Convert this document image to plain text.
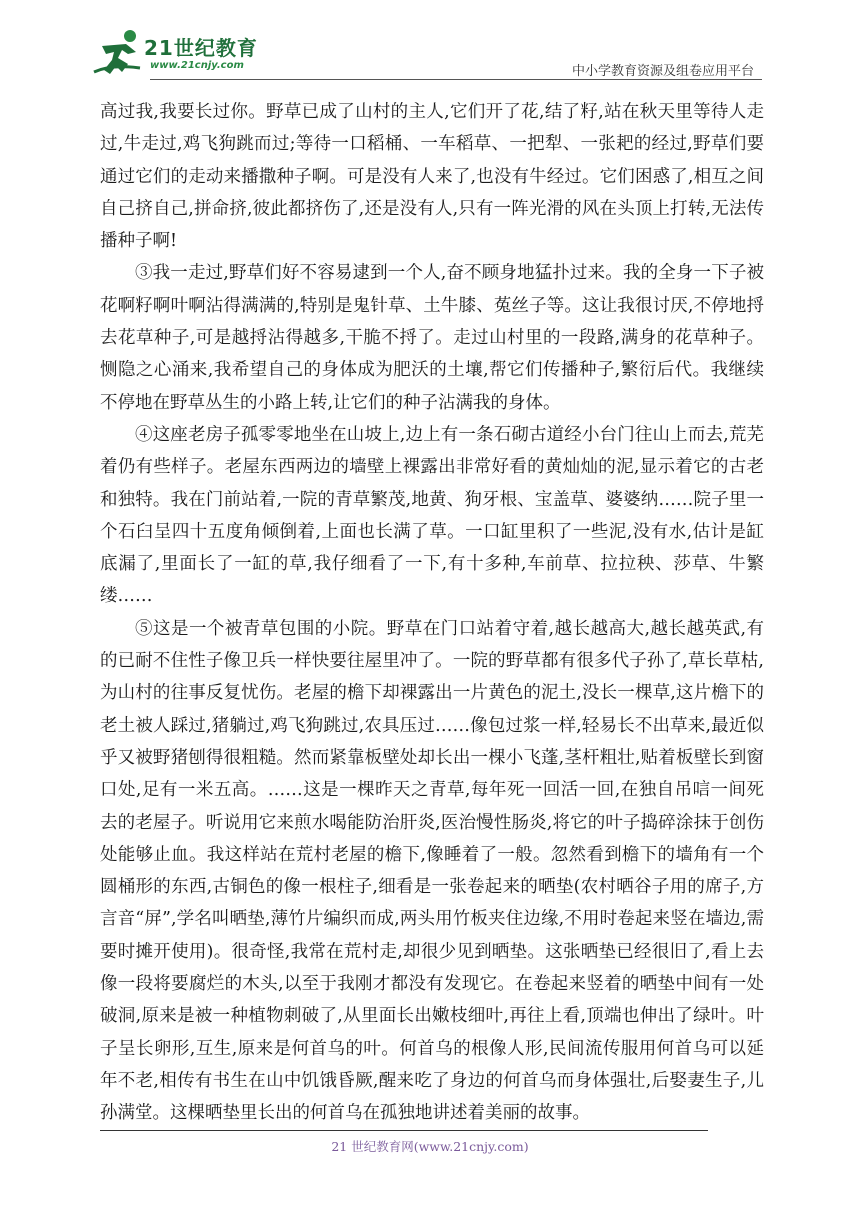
21世纪教育
www.21cnjy.com	中小学教育资源及组卷应用平台

高过我,我要长过你。野草已成了山村的主人,它们开了花,结了籽,站在秋天里等待人走过,牛走过,鸡飞狗跳而过;等待一口稻桶、一车稻草、一把犁、一张耙的经过,野草们要通过它们的走动来播撒种子啊。可是没有人来了,也没有牛经过。它们困惑了,相互之间自己挤自己,拼命挤,彼此都挤伤了,还是没有人,只有一阵光滑的风在头顶上打转,无法传播种子啊!

③我一走过,野草们好不容易逮到一个人,奋不顾身地猛扑过来。我的全身一下子被花啊籽啊叶啊沾得满满的,特别是鬼针草、土牛膝、菟丝子等。这让我很讨厌,不停地捋去花草种子,可是越捋沾得越多,干脆不捋了。走过山村里的一段路,满身的花草种子。恻隐之心涌来,我希望自己的身体成为肥沃的土壤,帮它们传播种子,繁衍后代。我继续不停地在野草丛生的小路上转,让它们的种子沾满我的身体。

④这座老房子孤零零地坐在山坡上,边上有一条石砌古道经小台门往山上而去,荒芜着仍有些样子。老屋东西两边的墙壁上裸露出非常好看的黄灿灿的泥,显示着它的古老和独特。我在门前站着,一院的青草繁茂,地黄、狗牙根、宝盖草、婆婆纳……院子里一个石臼呈四十五度角倾倒着,上面也长满了草。一口缸里积了一些泥,没有水,估计是缸底漏了,里面长了一缸的草,我仔细看了一下,有十多种,车前草、拉拉秧、莎草、牛繁缕……

⑤这是一个被青草包围的小院。野草在门口站着守着,越长越高大,越长越英武,有的已耐不住性子像卫兵一样快要往屋里冲了。一院的野草都有很多代子孙了,草长草枯,为山村的往事反复忧伤。老屋的檐下却裸露出一片黄色的泥土,没长一棵草,这片檐下的老土被人踩过,猪躺过,鸡飞狗跳过,农具压过……像包过浆一样,轻易长不出草来,最近似乎又被野猪刨得很粗糙。然而紧靠板壁处却长出一棵小飞蓬,茎杆粗壮,贴着板壁长到窗口处,足有一米五高。……这是一棵昨天之青草,每年死一回活一回,在独自吊唁一间死去的老屋子。听说用它来煎水喝能防治肝炎,医治慢性肠炎,将它的叶子捣碎涂抹于创伤处能够止血。我这样站在荒村老屋的檐下,像睡着了一般。忽然看到檐下的墙角有一个圆桶形的东西,古铜色的像一根柱子,细看是一张卷起来的晒垫(农村晒谷子用的席子,方言音“屏”,学名叫晒垫,薄竹片编织而成,两头用竹板夹住边缘,不用时卷起来竖在墙边,需要时摊开使用)。很奇怪,我常在荒村走,却很少见到晒垫。这张晒垫已经很旧了,看上去像一段将要腐烂的木头,以至于我刚才都没有发现它。在卷起来竖着的晒垫中间有一处破洞,原来是被一种植物刺破了,从里面长出嫩枝细叶,再往上看,顶端也伸出了绿叶。叶子呈长卵形,互生,原来是何首乌的叶。何首乌的根像人形,民间流传服用何首乌可以延年不老,相传有书生在山中饥饿昏厥,醒来吃了身边的何首乌而身体强壮,后娶妻生子,儿孙满堂。这棵晒垫里长出的何首乌在孤独地讲述着美丽的故事。

21 世纪教育网(www.21cnjy.com)
